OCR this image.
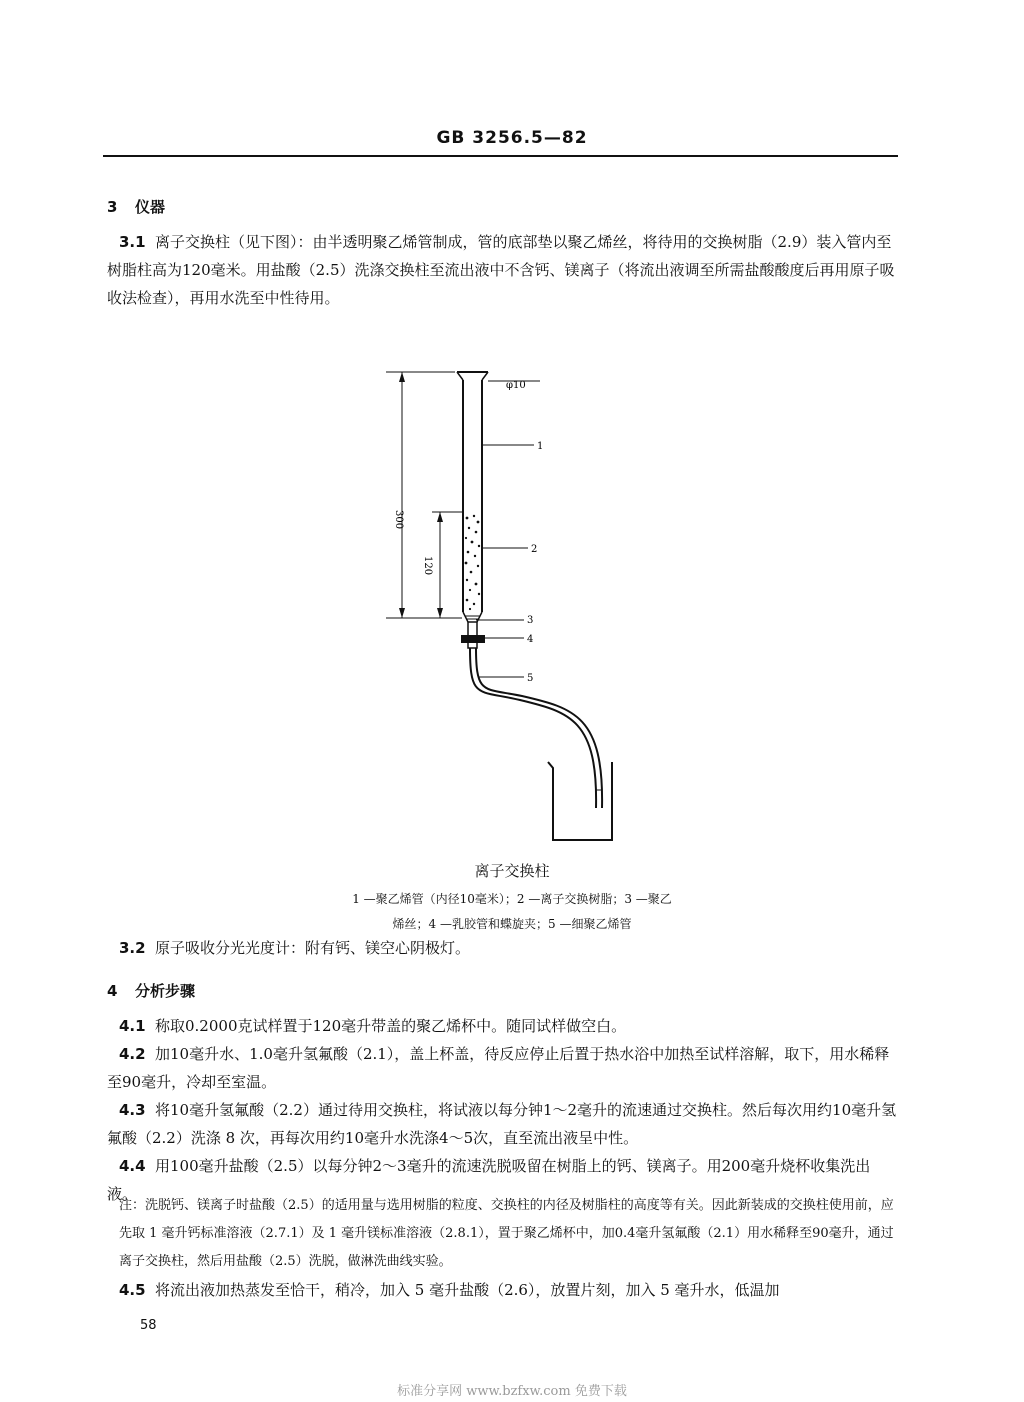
GB 3256.5—82
3 仪器
3.1 离子交换柱（见下图）：由半透明聚乙烯管制成，管的底部垫以聚乙烯丝，将待用的交换树脂（2.9）装入管内至树脂柱高为120毫米。用盐酸（2.5）洗涤交换柱至流出液中不含钙、镁离子（将流出液调至所需盐酸酸度后再用原子吸收法检查），再用水洗至中性待用。
φ10
300
120
1
2
3
4
5
离子交换柱
1 —聚乙烯管（内径10毫米）；2 —离子交换树脂；3 —聚乙
烯丝；4 —乳胶管和蝶旋夹；5 —细聚乙烯管
3.2 原子吸收分光光度计：附有钙、镁空心阴极灯。
4 分析步骤
4.1 称取0.2000克试样置于120毫升带盖的聚乙烯杯中。随同试样做空白。
4.2 加10毫升水、1.0毫升氢氟酸（2.1），盖上杯盖，待反应停止后置于热水浴中加热至试样溶解，取下，用水稀释至90毫升，冷却至室温。
4.3 将10毫升氢氟酸（2.2）通过待用交换柱，将试液以每分钟1～2毫升的流速通过交换柱。然后每次用约10毫升氢氟酸（2.2）洗涤 8 次，再每次用约10毫升水洗涤4～5次，直至流出液呈中性。
4.4 用100毫升盐酸（2.5）以每分钟2～3毫升的流速洗脱吸留在树脂上的钙、镁离子。用200毫升烧杯收集洗出液。
注：洗脱钙、镁离子时盐酸（2.5）的适用量与选用树脂的粒度、交换柱的内径及树脂柱的高度等有关。因此新装成的交换柱使用前，应先取 1 毫升钙标准溶液（2.7.1）及 1 毫升镁标准溶液（2.8.1），置于聚乙烯杯中，加0.4毫升氢氟酸（2.1）用水稀释至90毫升，通过离子交换柱，然后用盐酸（2.5）洗脱，做淋洗曲线实验。
4.5 将流出液加热蒸发至恰干，稍冷，加入 5 毫升盐酸（2.6），放置片刻，加入 5 毫升水，低温加
58
标准分享网 www.bzfxw.com 免费下载
